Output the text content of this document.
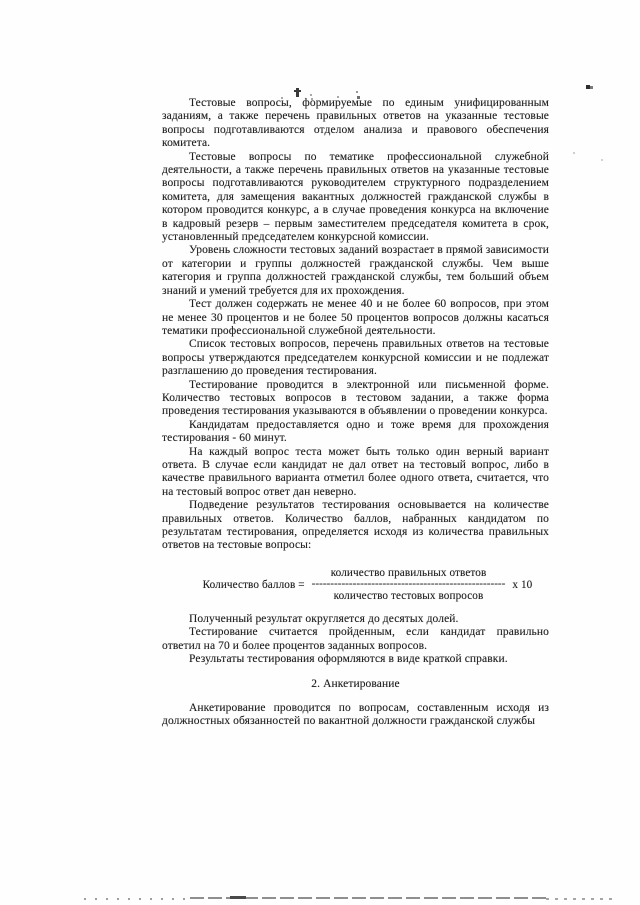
Тестовые вопросы, формируемые по единым унифицированным заданиям, а также перечень правильных ответов на указанные тестовые вопросы подготавливаются отделом анализа и правового обеспечения комитета.

Тестовые вопросы по тематике профессиональной служебной деятельности, а также перечень правильных ответов на указанные тестовые вопросы подготавливаются руководителем структурного подразделением комитета, для замещения вакантных должностей гражданской службы в котором проводится конкурс, а в случае проведения конкурса на включение в кадровый резерв – первым заместителем председателя комитета в срок, установленный председателем конкурсной комиссии.

Уровень сложности тестовых заданий возрастает в прямой зависимости от категории и группы должностей гражданской службы. Чем выше категория и группа должностей гражданской службы, тем больший объем знаний и умений требуется для их прохождения.

Тест должен содержать не менее 40 и не более 60 вопросов, при этом не менее 30 процентов и не более 50 процентов вопросов должны касаться тематики профессиональной служебной деятельности.

Список тестовых вопросов, перечень правильных ответов на тестовые вопросы утверждаются председателем конкурсной комиссии и не подлежат разглашению до проведения тестирования.

Тестирование проводится в электронной или письменной форме. Количество тестовых вопросов в тестовом задании, а также форма проведения тестирования указываются в объявлении о проведении конкурса.

Кандидатам предоставляется одно и тоже время для прохождения тестирования - 60 минут.

На каждый вопрос теста может быть только один верный вариант ответа. В случае если кандидат не дал ответ на тестовый вопрос, либо в качестве правильного варианта отметил более одного ответа, считается, что на тестовый вопрос ответ дан неверно.

Подведение результатов тестирования основывается на количестве правильных ответов. Количество баллов, набранных кандидатом по результатам тестирования, определяется исходя из количества правильных ответов на тестовые вопросы:

Количество баллов =
количество правильных ответов
----------------------------------------------------
количество тестовых вопросов
х 10

Полученный результат округляется до десятых долей.

Тестирование считается пройденным, если кандидат правильно ответил на 70 и более процентов заданных вопросов.

Результаты тестирования оформляются в виде краткой справки.

2. Анкетирование

Анкетирование проводится по вопросам, составленным исходя из должностных обязанностей по вакантной должности гражданской службы
